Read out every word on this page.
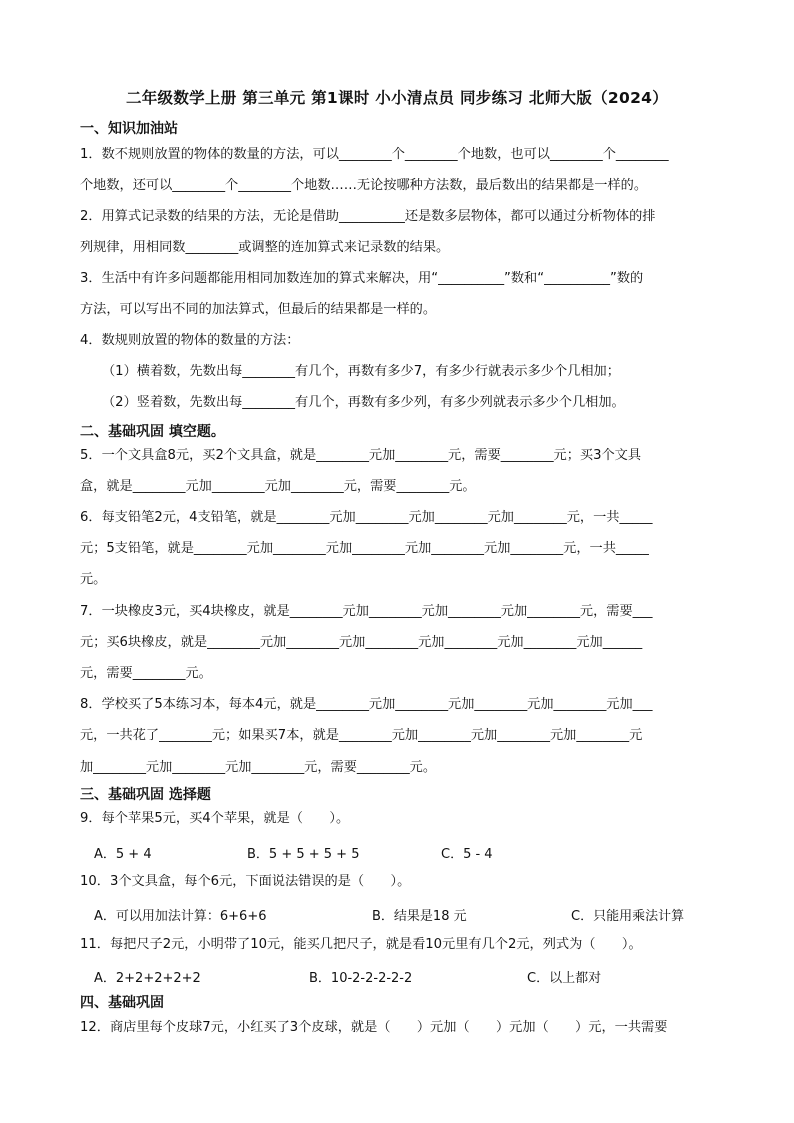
二年级数学上册 第三单元 第1课时 小小清点员 同步练习 北师大版（2024）
一、知识加油站
1．数不规则放置的物体的数量的方法，可以________个________个地数，也可以________个________
个地数，还可以________个________个地数……无论按哪种方法数，最后数出的结果都是一样的。
2．用算式记录数的结果的方法，无论是借助__________还是数多层物体，都可以通过分析物体的排
列规律，用相同数________或调整的连加算式来记录数的结果。
3．生活中有许多问题都能用相同加数连加的算式来解决，用“__________”数和“__________”数的
方法，可以写出不同的加法算式，但最后的结果都是一样的。
4．数规则放置的物体的数量的方法：
（1）横着数，先数出每________有几个，再数有多少7，有多少行就表示多少个几相加；
（2）竖着数，先数出每________有几个，再数有多少列，有多少列就表示多少个几相加。
二、基础巩固 填空题。
5．一个文具盒8元，买2个文具盒，就是________元加________元，需要________元；买3个文具
盒，就是________元加________元加________元，需要________元。
6．每支铅笔2元，4支铅笔，就是________元加________元加________元加________元，一共_____
元；5支铅笔，就是________元加________元加________元加________元加________元，一共_____
元。
7．一块橡皮3元，买4块橡皮，就是________元加________元加________元加________元，需要___
元；买6块橡皮，就是________元加________元加________元加________元加________元加______
元，需要________元。
8．学校买了5本练习本，每本4元，就是________元加________元加________元加________元加___
元，一共花了________元；如果买7本，就是________元加________元加________元加________元
加________元加________元加________元，需要________元。
三、基础巩固 选择题
9．每个苹果5元，买4个苹果，就是（　　）。
A．5 + 4	B．5 + 5 + 5 + 5	C．5 - 4
10．3个文具盒，每个6元，下面说法错误的是（　　）。
A．可以用加法计算：6+6+6	B．结果是18 元	C．只能用乘法计算
11．每把尺子2元，小明带了10元，能买几把尺子，就是看10元里有几个2元，列式为（　　）。
A．2+2+2+2+2	B．10-2-2-2-2-2	C．以上都对
四、基础巩固
12．商店里每个皮球7元，小红买了3个皮球，就是（　　）元加（　　）元加（　　）元，一共需要
